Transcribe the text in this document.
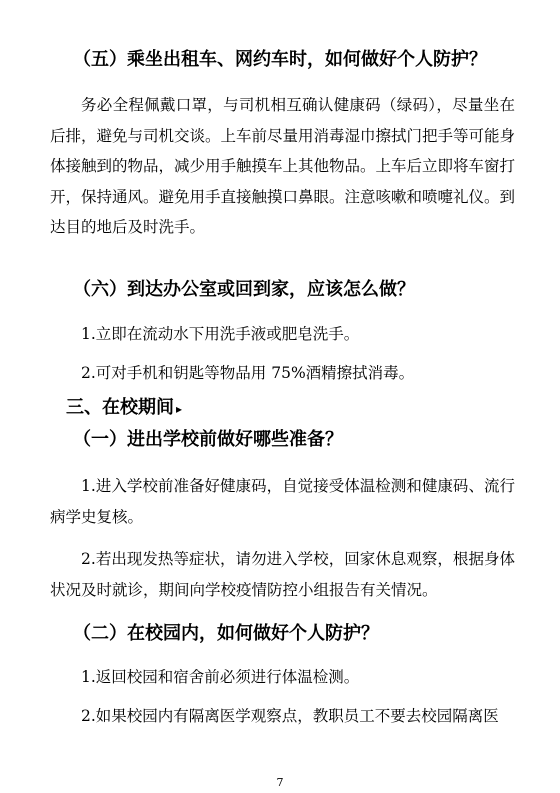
（五）乘坐出租车、网约车时，如何做好个人防护？

务必全程佩戴口罩，与司机相互确认健康码（绿码），尽量坐在后排，避免与司机交谈。上车前尽量用消毒湿巾擦拭门把手等可能身体接触到的物品，减少用手触摸车上其他物品。上车后立即将车窗打开，保持通风。避免用手直接触摸口鼻眼。注意咳嗽和喷嚏礼仪。到达目的地后及时洗手。

（六）到达办公室或回到家，应该怎么做？

1.立即在流动水下用洗手液或肥皂洗手。

2.可对手机和钥匙等物品用 75%酒精擦拭消毒。

三、在校期间 ▸
（一）进出学校前做好哪些准备？

1.进入学校前准备好健康码，自觉接受体温检测和健康码、流行病学史复核。

2.若出现发热等症状，请勿进入学校，回家休息观察，根据身体状况及时就诊，期间向学校疫情防控小组报告有关情况。

（二）在校园内，如何做好个人防护？

1.返回校园和宿舍前必须进行体温检测。

2.如果校园内有隔离医学观察点，教职员工不要去校园隔离医

7
